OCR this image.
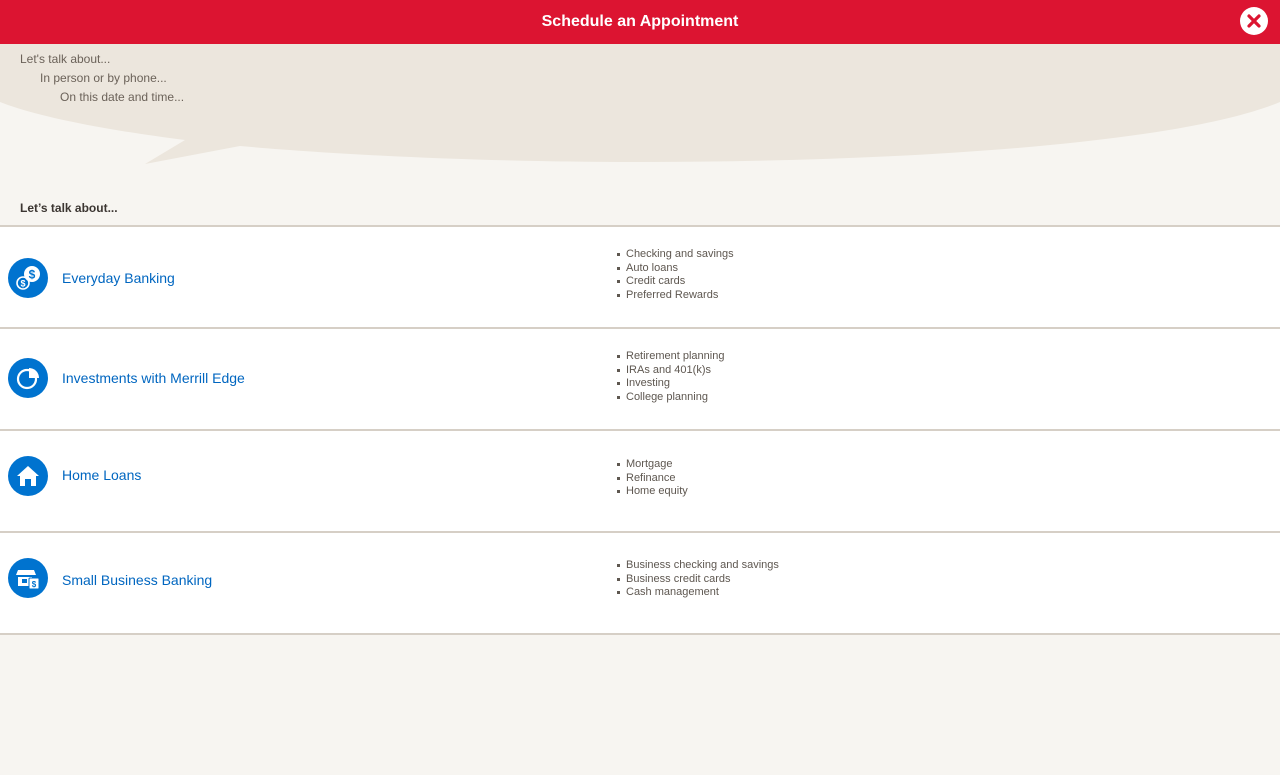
Schedule an Appointment
Let's talk about...
In person or by phone...
On this date and time...
Let’s talk about...
$
$	Everyday Banking
Checking and savings
Auto loans
Credit cards
Preferred Rewards
Investments with Merrill Edge
Retirement planning
IRAs and 401(k)s
Investing
College planning
Home Loans
Mortgage
Refinance
Home equity
$ Small Business Banking
Business checking and savings
Business credit cards
Cash management
